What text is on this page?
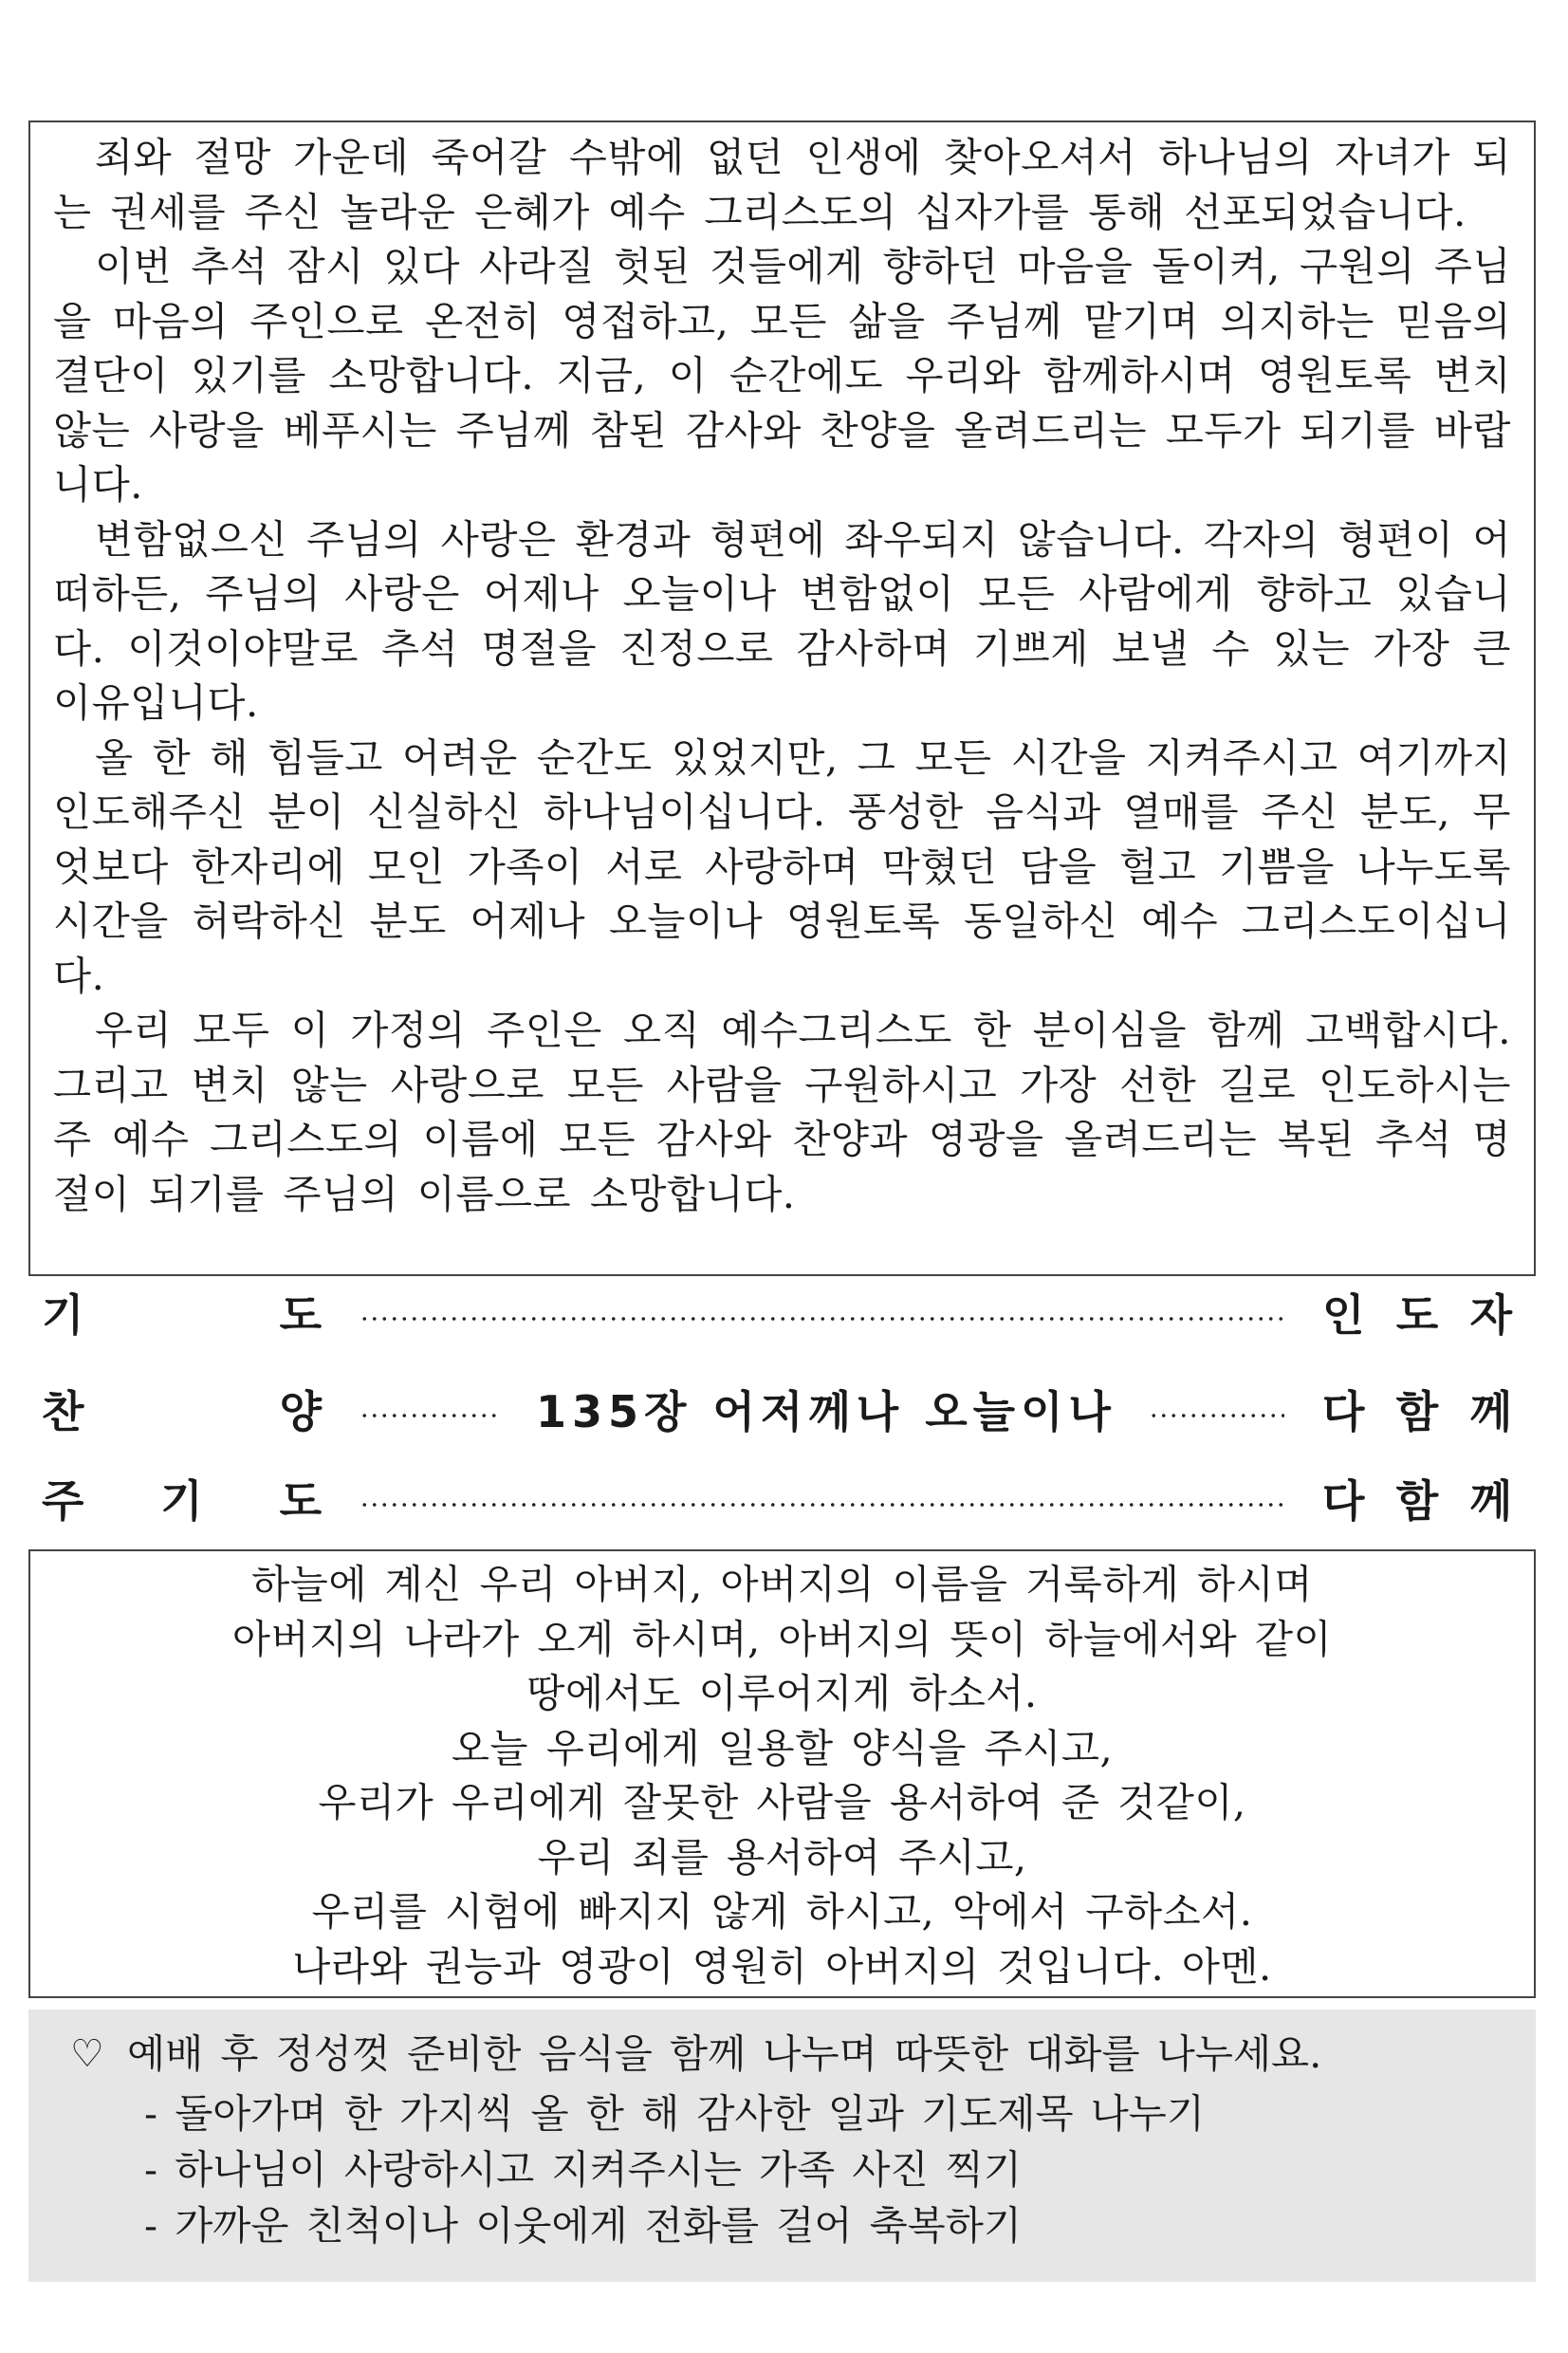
죄와 절망 가운데 죽어갈 수밖에 없던 인생에 찾아오셔서 하나님의 자녀가 되는 권세를 주신 놀라운 은혜가 예수 그리스도의 십자가를 통해 선포되었습니다.

이번 추석 잠시 있다 사라질 헛된 것들에게 향하던 마음을 돌이켜, 구원의 주님을 마음의 주인으로 온전히 영접하고, 모든 삶을 주님께 맡기며 의지하는 믿음의 결단이 있기를 소망합니다. 지금, 이 순간에도 우리와 함께하시며 영원토록 변치 않는 사랑을 베푸시는 주님께 참된 감사와 찬양을 올려드리는 모두가 되기를 바랍니다.

변함없으신 주님의 사랑은 환경과 형편에 좌우되지 않습니다. 각자의 형편이 어떠하든, 주님의 사랑은 어제나 오늘이나 변함없이 모든 사람에게 향하고 있습니다. 이것이야말로 추석 명절을 진정으로 감사하며 기쁘게 보낼 수 있는 가장 큰 이유입니다.

올 한 해 힘들고 어려운 순간도 있었지만, 그 모든 시간을 지켜주시고 여기까지 인도해주신 분이 신실하신 하나님이십니다. 풍성한 음식과 열매를 주신 분도, 무엇보다 한자리에 모인 가족이 서로 사랑하며 막혔던 담을 헐고 기쁨을 나누도록 시간을 허락하신 분도 어제나 오늘이나 영원토록 동일하신 예수 그리스도이십니다.

우리 모두 이 가정의 주인은 오직 예수그리스도 한 분이심을 함께 고백합시다. 그리고 변치 않는 사랑으로 모든 사람을 구원하시고 가장 선한 길로 인도하시는 주 예수 그리스도의 이름에 모든 감사와 찬양과 영광을 올려드리는 복된 추석 명절이 되기를 주님의 이름으로 소망합니다.

기	도	인 도 자
찬	양	135장 어저께나 오늘이나	다 함 께
주 기 도	다 함 께

하늘에 계신 우리 아버지, 아버지의 이름을 거룩하게 하시며

아버지의 나라가 오게 하시며, 아버지의 뜻이 하늘에서와 같이

땅에서도 이루어지게 하소서.

오늘 우리에게 일용할 양식을 주시고,

우리가 우리에게 잘못한 사람을 용서하여 준 것같이,

우리 죄를 용서하여 주시고,

우리를 시험에 빠지지 않게 하시고, 악에서 구하소서.

나라와 권능과 영광이 영원히 아버지의 것입니다. 아멘.

♡ 예배 후 정성껏 준비한 음식을 함께 나누며 따뜻한 대화를 나누세요.
- 돌아가며 한 가지씩 올 한 해 감사한 일과 기도제목 나누기
- 하나님이 사랑하시고 지켜주시는 가족 사진 찍기
- 가까운 친척이나 이웃에게 전화를 걸어 축복하기
